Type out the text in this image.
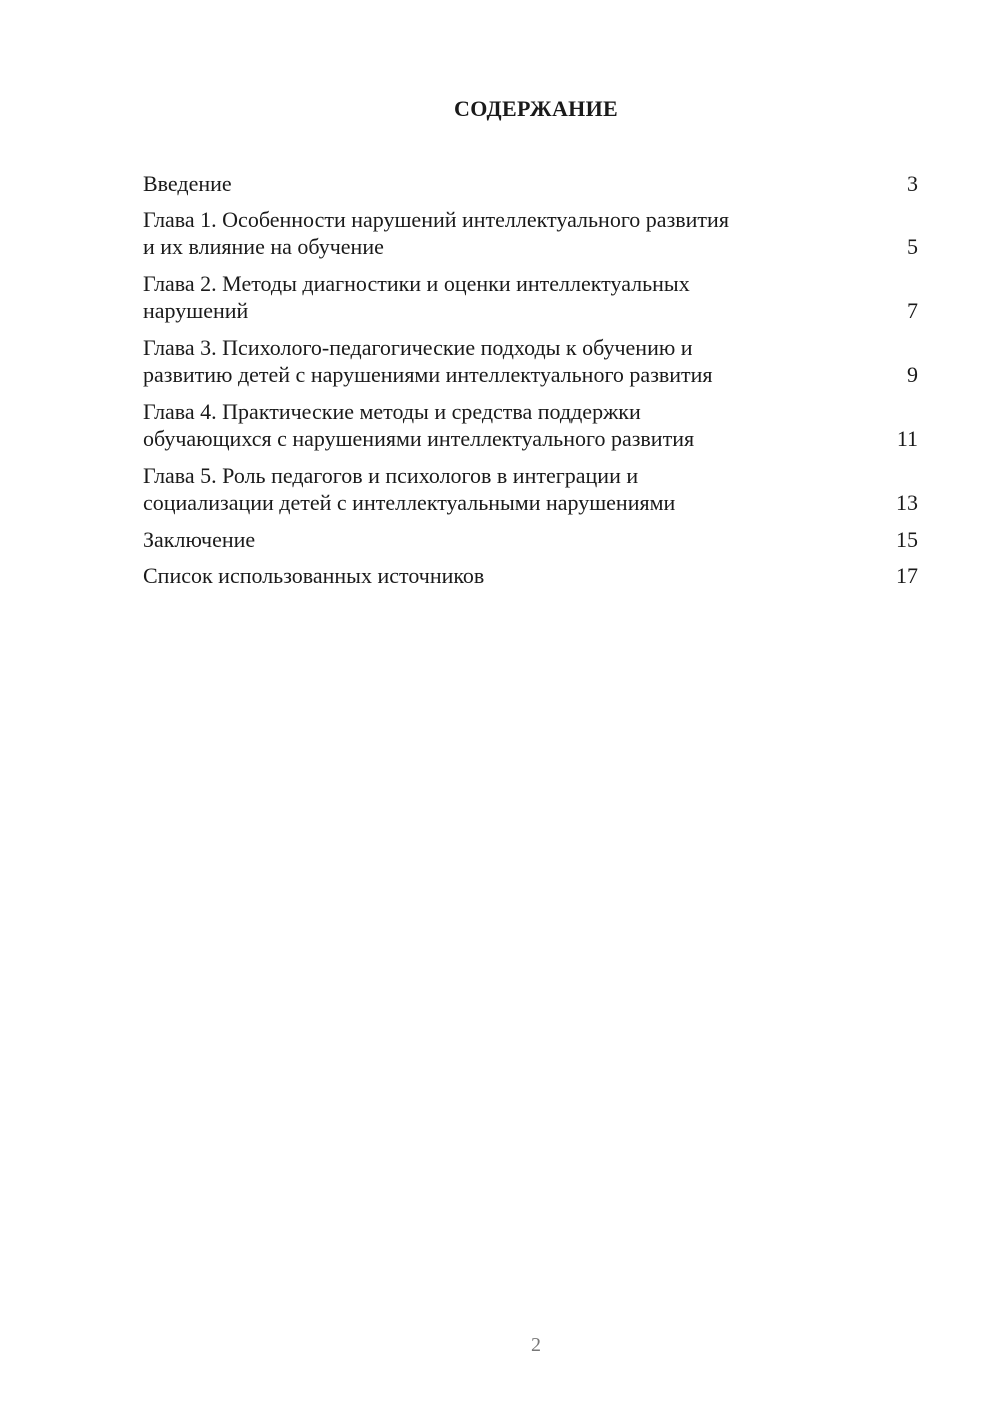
СОДЕРЖАНИЕ
Введение	3
Глава 1. Особенности нарушений интеллектуального развития
и их влияние на обучение	5
Глава 2. Методы диагностики и оценки интеллектуальных
нарушений	7
Глава 3. Психолого-педагогические подходы к обучению и
развитию детей с нарушениями интеллектуального развития	9
Глава 4. Практические методы и средства поддержки
обучающихся с нарушениями интеллектуального развития	11
Глава 5. Роль педагогов и психологов в интеграции и
социализации детей с интеллектуальными нарушениями	13
Заключение	15
Список использованных источников	17
2
